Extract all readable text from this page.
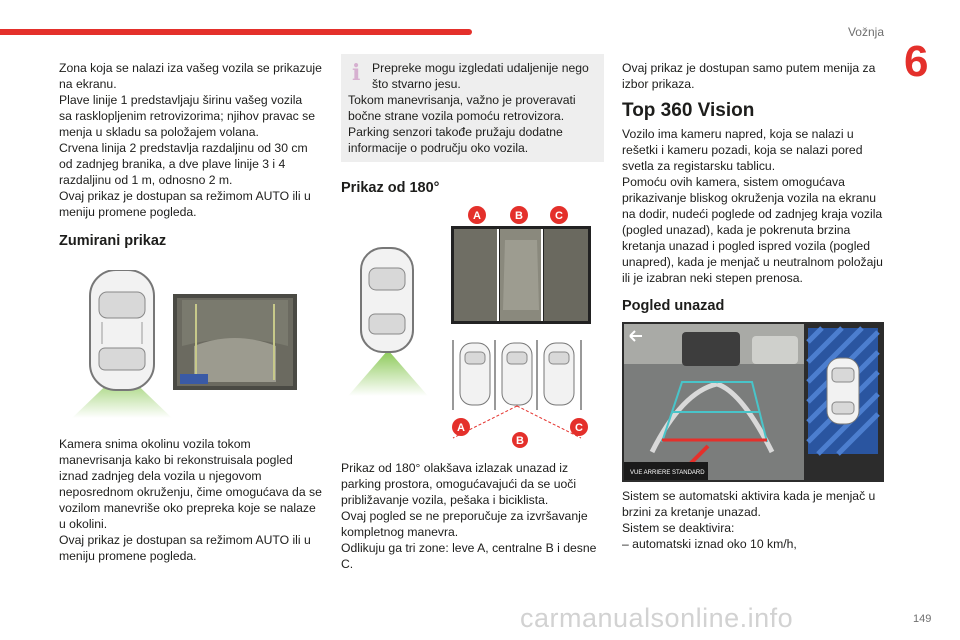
Vožnja
6
Zona koja se nalazi iza vašeg vozila se prikazuje
na ekranu.
Plave linije 1 predstavljaju širinu vašeg vozila
sa rasklopljenim retrovizorima; njihov pravac se
menja u skladu sa položajem volana.
Crvena linija 2 predstavlja razdaljinu od 30 cm
od zadnjeg branika, a dve plave linije 3 i 4
razdaljinu od 1 m, odnosno 2 m.
Ovaj prikaz je dostupan sa režimom AUTO ili u
meniju promene pogleda.
Zumirani prikaz
Kamera snima okolinu vozila tokom
manevrisanja kako bi rekonstruisala pogled
iznad zadnjeg dela vozila u njegovom
neposrednom okruženju, čime omogućava da se
vozilom manevriše oko prepreka koje se nalaze
u okolini.
Ovaj prikaz je dostupan sa režimom AUTO ili u
meniju promene pogleda.
i Prepreke mogu izgledati udaljenije nego
što stvarno jesu.
Tokom manevrisanja, važno je proveravati
bočne strane vozila pomoću retrovizora.
Parking senzori takođe pružaju dodatne
informacije o području oko vozila.
Prikaz od 180°
A	B	C
A
B
C
Prikaz od 180° olakšava izlazak unazad iz
parking prostora, omogućavajući da se uoči
približavanje vozila, pešaka i biciklista.
Ovaj pogled se ne preporučuje za izvršavanje
kompletnog manevra.
Odlikuju ga tri zone: leve A, centralne B i desne
C.
Ovaj prikaz je dostupan samo putem menija za
izbor prikaza.
Top 360 Vision
Vozilo ima kameru napred, koja se nalazi u
rešetki i kameru pozadi, koja se nalazi pored
svetla za registarsku tablicu.
Pomoću ovih kamera, sistem omogućava
prikazivanje bliskog okruženja vozila na ekranu
na dodir, nudeći poglede od zadnjeg kraja vozila
(pogled unazad), kada je pokrenuta brzina
kretanja unazad i pogled ispred vozila (pogled
unapred), kada je menjač u neutralnom položaju
ili je izabran neki stepen prenosa.
Pogled unazad
VUE ARRIERE STANDARD
Sistem se automatski aktivira kada je menjač u
brzini za kretanje unazad.
Sistem se deaktivira:
– automatski iznad oko 10 km/h,
carmanualsonline.info	149
